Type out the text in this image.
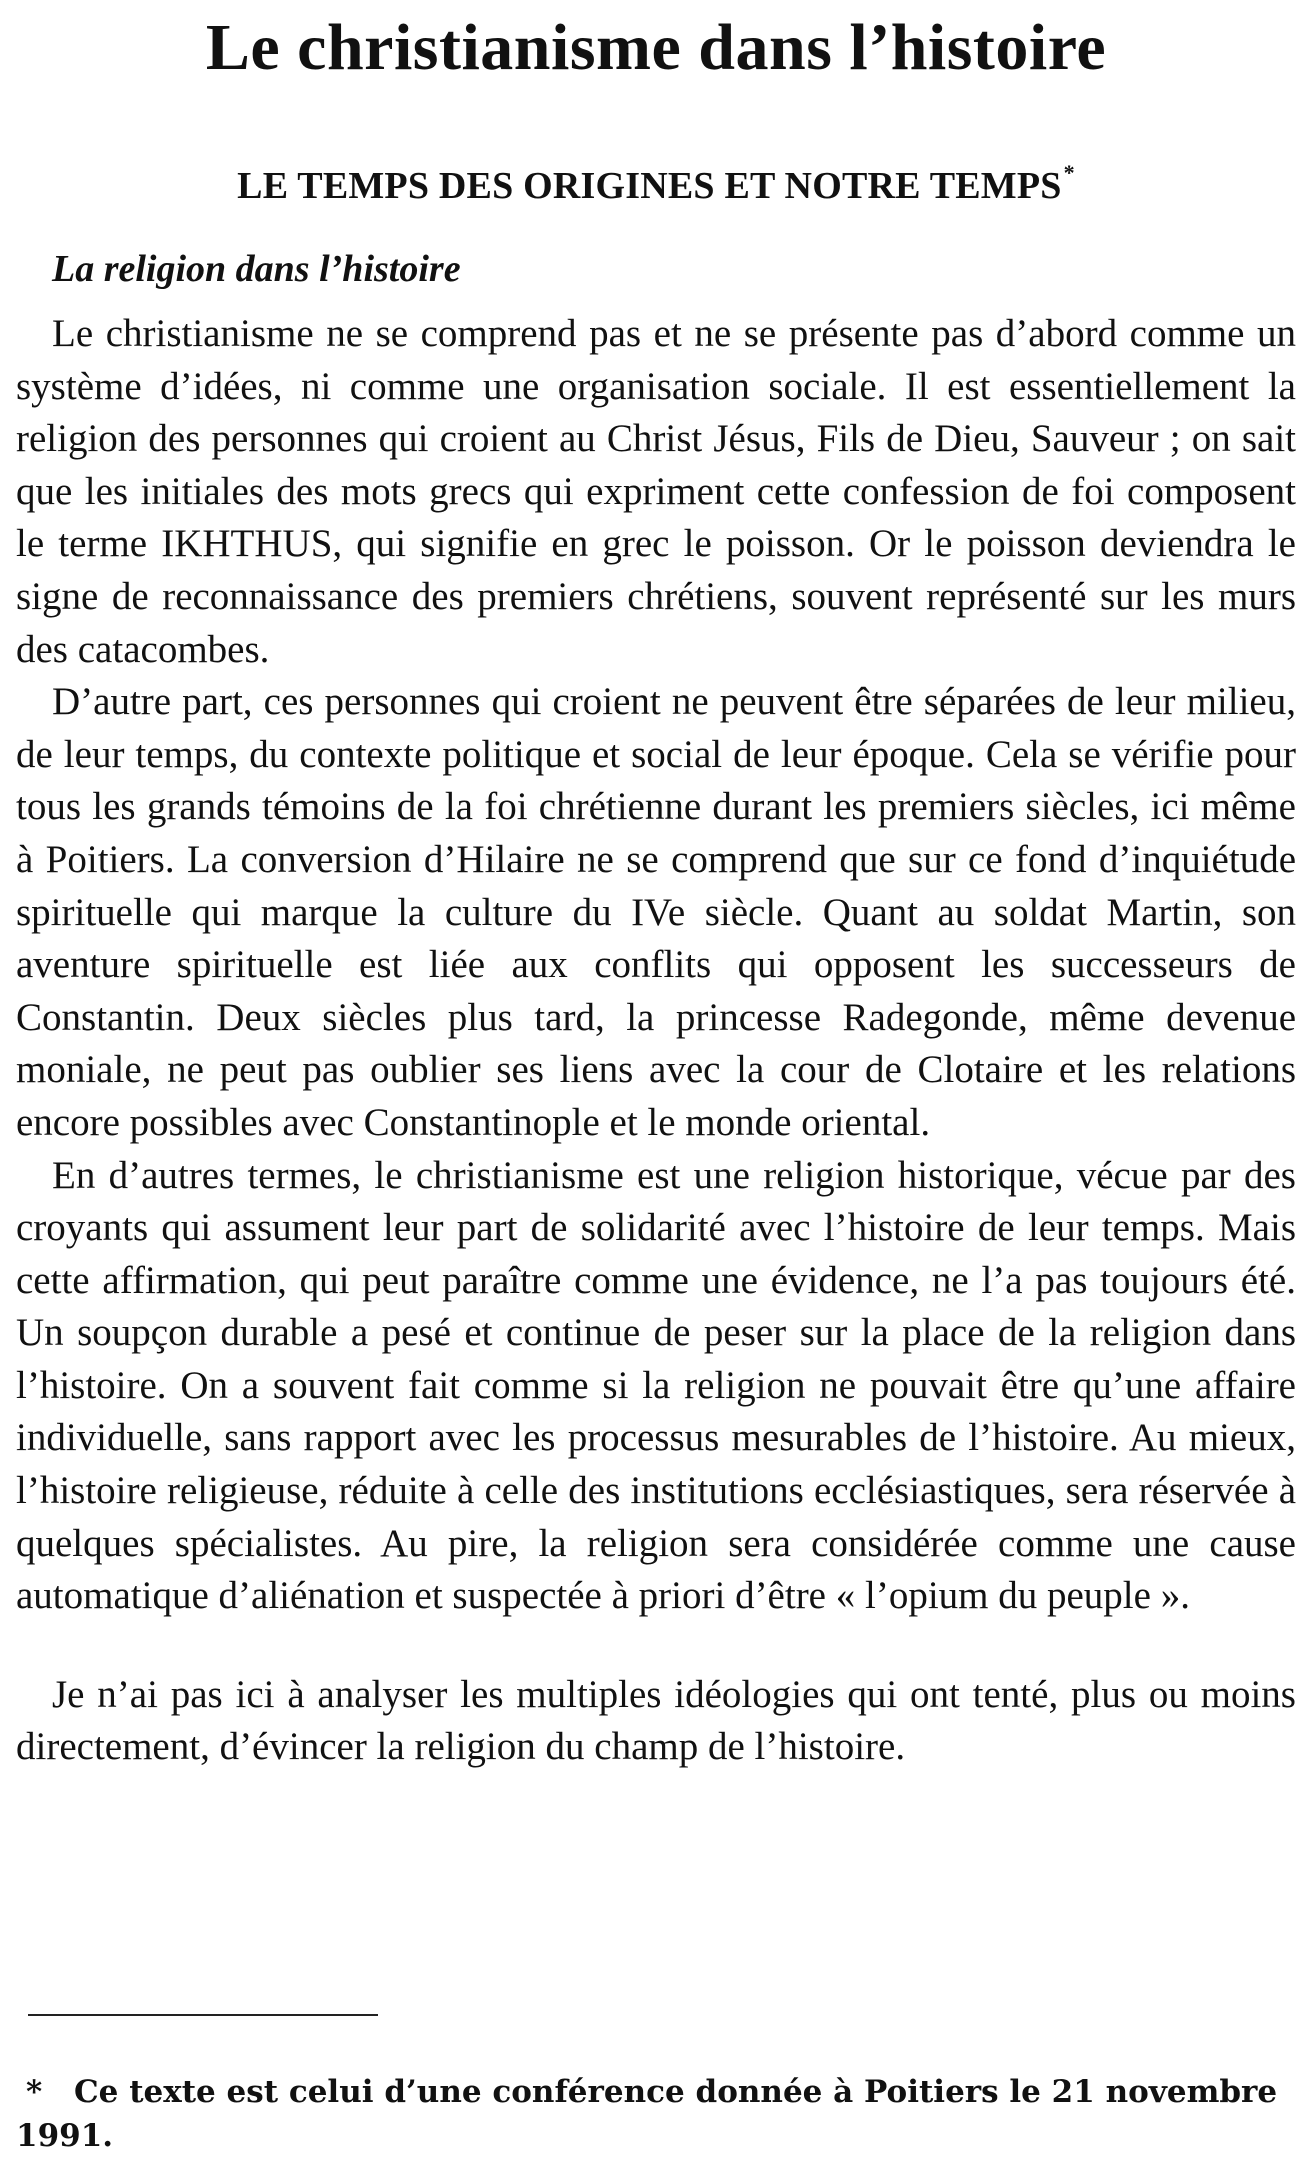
Le christianisme dans l’histoire
LE TEMPS DES ORIGINES ET NOTRE TEMPS*
La religion dans l’histoire

Le christianisme ne se comprend pas et ne se présente pas d’abord comme un système d’idées, ni comme une organisation sociale. Il est essentiellement la religion des personnes qui croient au Christ Jésus, Fils de Dieu, Sauveur ; on sait que les initiales des mots grecs qui expriment cette confession de foi composent le terme IKHTHUS, qui signifie en grec le poisson. Or le poisson deviendra le signe de reconnaissance des premiers chrétiens, souvent représenté sur les murs des catacombes.

D’autre part, ces personnes qui croient ne peuvent être séparées de leur milieu, de leur temps, du contexte politique et social de leur époque. Cela se vérifie pour tous les grands témoins de la foi chrétienne durant les premiers siècles, ici même à Poitiers. La conversion d’Hilaire ne se comprend que sur ce fond d’inquiétude spirituelle qui marque la culture du IVe siècle. Quant au soldat Martin, son aventure spirituelle est liée aux conflits qui opposent les successeurs de Constantin. Deux siècles plus tard, la princesse Radegonde, même devenue moniale, ne peut pas oublier ses liens avec la cour de Clotaire et les relations encore possibles avec Constantinople et le monde oriental.

En d’autres termes, le christianisme est une religion historique, vécue par des croyants qui assument leur part de solidarité avec l’histoire de leur temps. Mais cette affirmation, qui peut paraître comme une évidence, ne l’a pas toujours été. Un soupçon durable a pesé et continue de peser sur la place de la religion dans l’histoire. On a souvent fait comme si la religion ne pouvait être qu’une affaire individuelle, sans rapport avec les processus mesurables de l’histoire. Au mieux, l’histoire religieuse, réduite à celle des institutions ecclésiastiques, sera réservée à quelques spécialistes. Au pire, la religion sera considérée comme une cause automatique d’aliénation et suspectée à priori d’être « l’opium du peuple ».

Je n’ai pas ici à analyser les multiples idéologies qui ont tenté, plus ou moins directement, d’évincer la religion du champ de l’histoire.

* Ce texte est celui d’une conférence donnée à Poitiers le 21 novembre 1991.
